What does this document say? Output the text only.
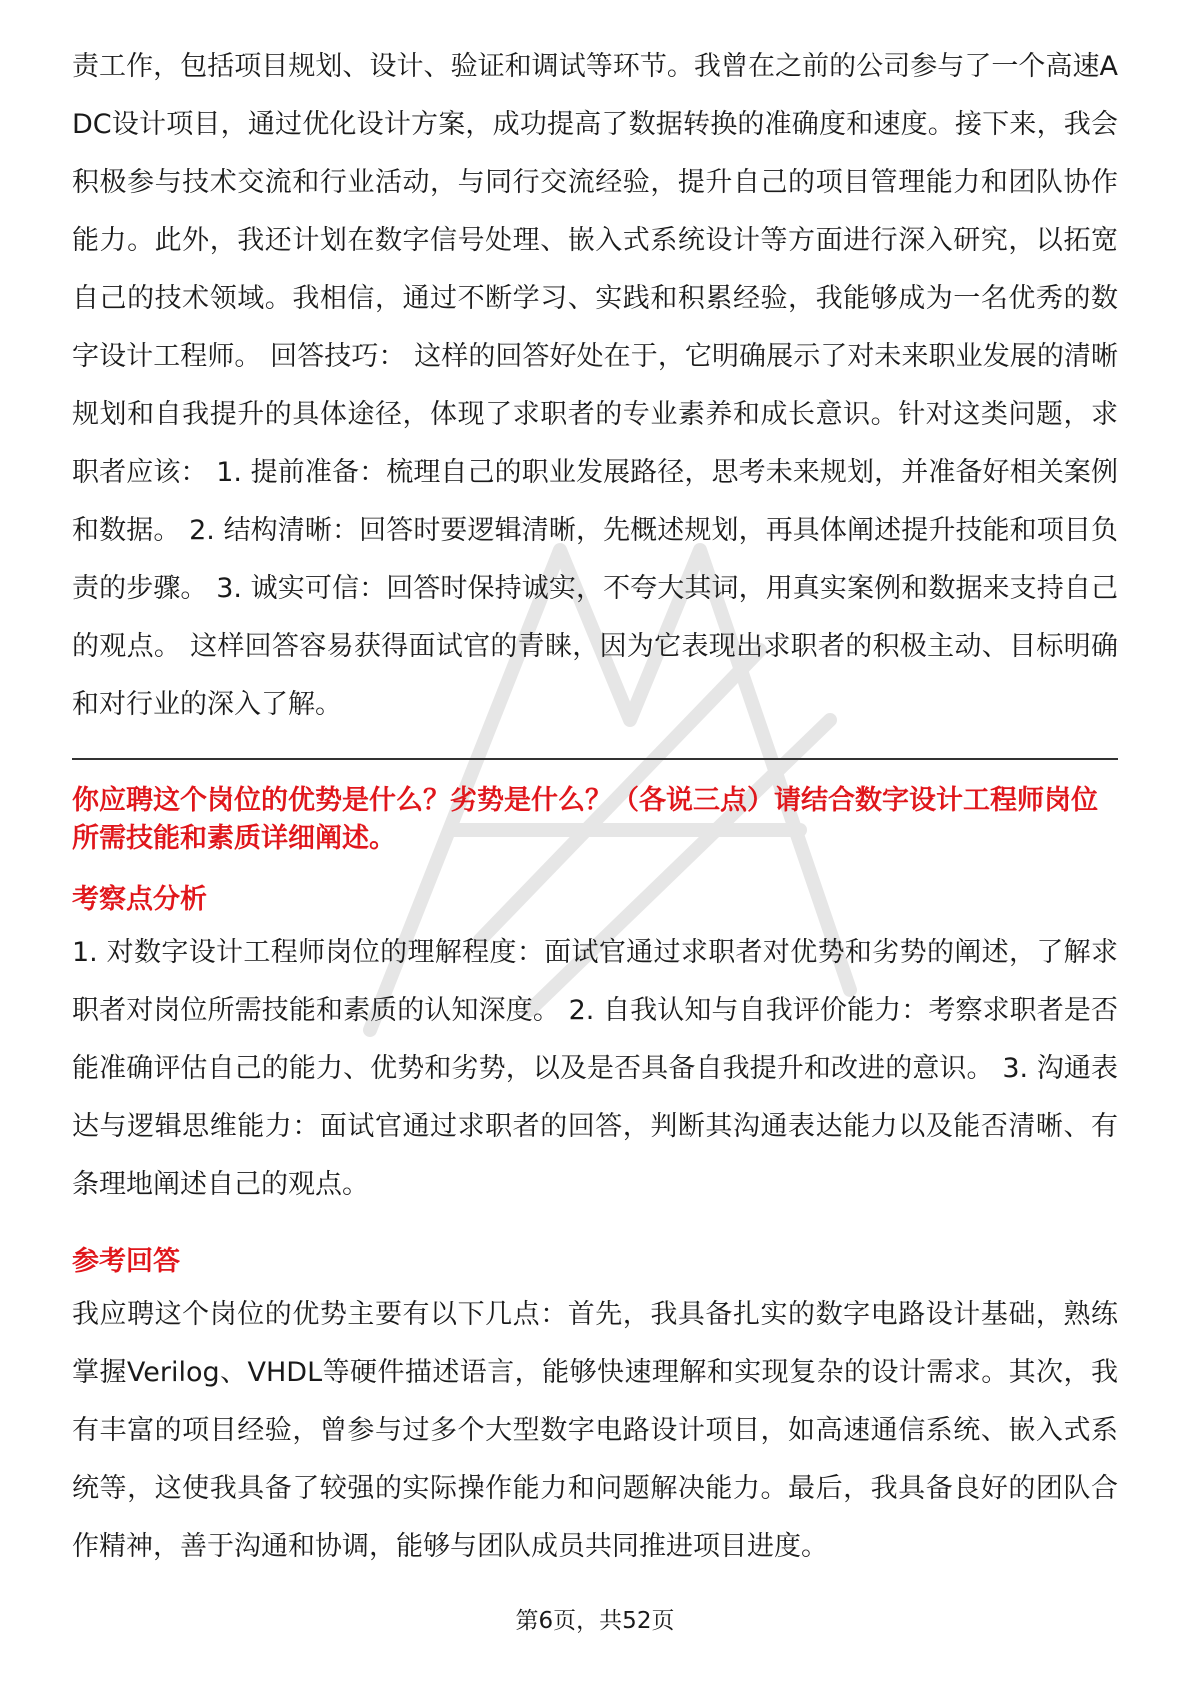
责工作，包括项目规划、设计、验证和调试等环节。我曾在之前的公司参与了一个高速ADC设计项目，通过优化设计方案，成功提高了数据转换的准确度和速度。接下来，我会积极参与技术交流和行业活动，与同行交流经验，提升自己的项目管理能力和团队协作能力。此外，我还计划在数字信号处理、嵌入式系统设计等方面进行深入研究，以拓宽自己的技术领域。我相信，通过不断学习、实践和积累经验，我能够成为一名优秀的数字设计工程师。 回答技巧： 这样的回答好处在于，它明确展示了对未来职业发展的清晰规划和自我提升的具体途径，体现了求职者的专业素养和成长意识。针对这类问题，求职者应该： 1. 提前准备：梳理自己的职业发展路径，思考未来规划，并准备好相关案例和数据。 2. 结构清晰：回答时要逻辑清晰，先概述规划，再具体阐述提升技能和项目负责的步骤。 3. 诚实可信：回答时保持诚实，不夸大其词，用真实案例和数据来支持自己的观点。 这样回答容易获得面试官的青睐，因为它表现出求职者的积极主动、目标明确和对行业的深入了解。

你应聘这个岗位的优势是什么？劣势是什么？（各说三点）请结合数字设计工程师岗位所需技能和素质详细阐述。

考察点分析

1. 对数字设计工程师岗位的理解程度：面试官通过求职者对优势和劣势的阐述，了解求职者对岗位所需技能和素质的认知深度。 2. 自我认知与自我评价能力：考察求职者是否能准确评估自己的能力、优势和劣势，以及是否具备自我提升和改进的意识。 3. 沟通表达与逻辑思维能力：面试官通过求职者的回答，判断其沟通表达能力以及能否清晰、有条理地阐述自己的观点。

参考回答

我应聘这个岗位的优势主要有以下几点：首先，我具备扎实的数字电路设计基础，熟练掌握Verilog、VHDL等硬件描述语言，能够快速理解和实现复杂的设计需求。其次，我有丰富的项目经验，曾参与过多个大型数字电路设计项目，如高速通信系统、嵌入式系统等，这使我具备了较强的实际操作能力和问题解决能力。最后，我具备良好的团队合作精神，善于沟通和协调，能够与团队成员共同推进项目进度。

第6页，共52页
